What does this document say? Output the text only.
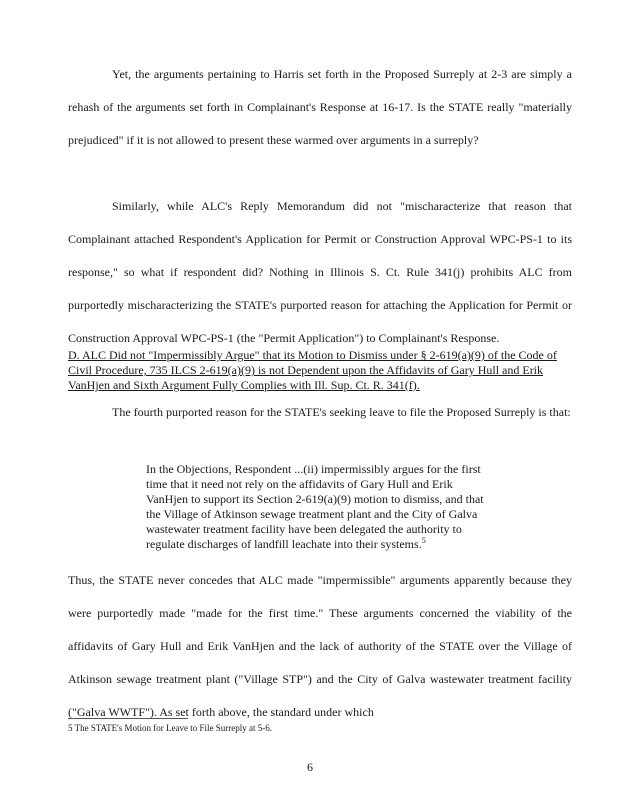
Yet, the arguments pertaining to Harris set forth in the Proposed Surreply at 2-3 are simply a rehash of the arguments set forth in Complainant's Response at 16-17. Is the STATE really "materially prejudiced" if it is not allowed to present these warmed over arguments in a surreply?

Similarly, while ALC's Reply Memorandum did not "mischaracterize that reason that Complainant attached Respondent's Application for Permit or Construction Approval WPC-PS-1 to its response," so what if respondent did? Nothing in Illinois S. Ct. Rule 341(j) prohibits ALC from purportedly mischaracterizing the STATE's purported reason for attaching the Application for Permit or Construction Approval WPC-PS-1 (the "Permit Application") to Complainant's Response.

D. ALC Did not "Impermissibly Argue" that its Motion to Dismiss under § 2-619(a)(9) of the Code of Civil Procedure, 735 ILCS 2-619(a)(9) is not Dependent upon the Affidavits of Gary Hull and Erik VanHjen and Sixth Argument Fully Complies with Ill. Sup. Ct. R. 341(f).

The fourth purported reason for the STATE's seeking leave to file the Proposed Surreply is that:

In the Objections, Respondent ...(ii) impermissibly argues for the first time that it need not rely on the affidavits of Gary Hull and Erik VanHjen to support its Section 2-619(a)(9) motion to dismiss, and that the Village of Atkinson sewage treatment plant and the City of Galva wastewater treatment facility have been delegated the authority to regulate discharges of landfill leachate into their systems.$^5$

Thus, the STATE never concedes that ALC made "impermissible" arguments apparently because they were purportedly made "made for the first time." These arguments concerned the viability of the affidavits of Gary Hull and Erik VanHjen and the lack of authority of the STATE over the Village of Atkinson sewage treatment plant ("Village STP") and the City of Galva wastewater treatment facility ("Galva WWTF"). As set forth above, the standard under which

5 The STATE's Motion for Leave to File Surreply at 5-6.

6
